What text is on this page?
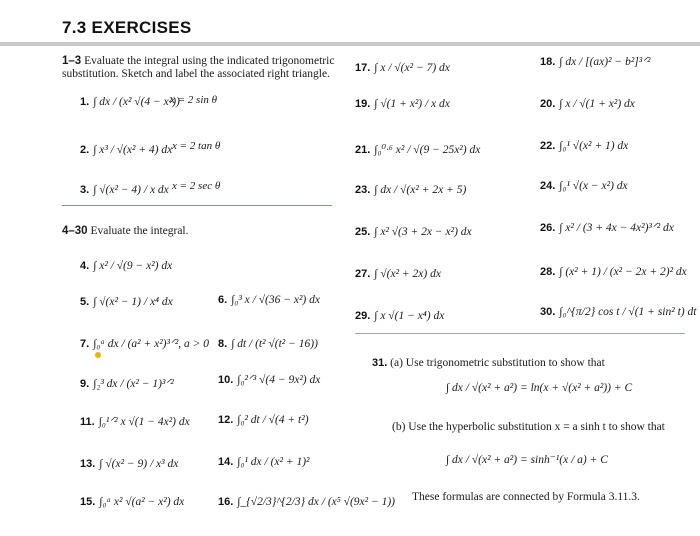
7.3 EXERCISES
1–3 Evaluate the integral using the indicated trigonometric
substitution. Sketch and label the associated right triangle.
1. ∫ dx / (x² √(4 − x²))
x = 2 sin θ
2. ∫ x³ / √(x² + 4) dx x = 2 tan θ
3. ∫ √(x² − 4) / x dx x = 2 sec θ
4–30 Evaluate the integral.
4. ∫ x² / √(9 − x²) dx
5. ∫ √(x² − 1) / x⁴ dx	6. ∫₀³ x / √(36 − x²) dx
7. ∫₀ᵃ dx / (a² + x²)³ᐟ², a > 0 8. ∫ dt / (t² √(t² − 16))
9. ∫₂³ dx / (x² − 1)³ᐟ²	10. ∫₀²ᐟ³ √(4 − 9x²) dx
11. ∫₀¹ᐟ² x √(1 − 4x²) dx	12. ∫₀² dt / √(4 + t²)
13. ∫ √(x² − 9) / x³ dx	14. ∫₀¹ dx / (x² + 1)²
15. ∫₀ᵃ x² √(a² − x²) dx	16. ∫_{√2/3}^{2/3} dx / (x⁵ √(9x² − 1))
17. ∫ x / √(x² − 7) dx	18. ∫ dx / [(ax)² − b²]³ᐟ²
19. ∫ √(1 + x²) / x dx	20. ∫ x / √(1 + x²) dx
21. ∫₀⁰·⁶ x² / √(9 − 25x²) dx	22. ∫₀¹ √(x² + 1) dx
23. ∫ dx / √(x² + 2x + 5)	24. ∫₀¹ √(x − x²) dx
25. ∫ x² √(3 + 2x − x²) dx	26. ∫ x² / (3 + 4x − 4x²)³ᐟ² dx
27. ∫ √(x² + 2x) dx	28. ∫ (x² + 1) / (x² − 2x + 2)² dx
29. ∫ x √(1 − x⁴) dx	30. ∫₀^{π/2} cos t / √(1 + sin² t) dt
31. (a) Use trigonometric substitution to show that
∫ dx / √(x² + a²) = ln(x + √(x² + a²)) + C
(b) Use the hyperbolic substitution x = a sinh t to show that
∫ dx / √(x² + a²) = sinh⁻¹(x / a) + C
These formulas are connected by Formula 3.11.3.
